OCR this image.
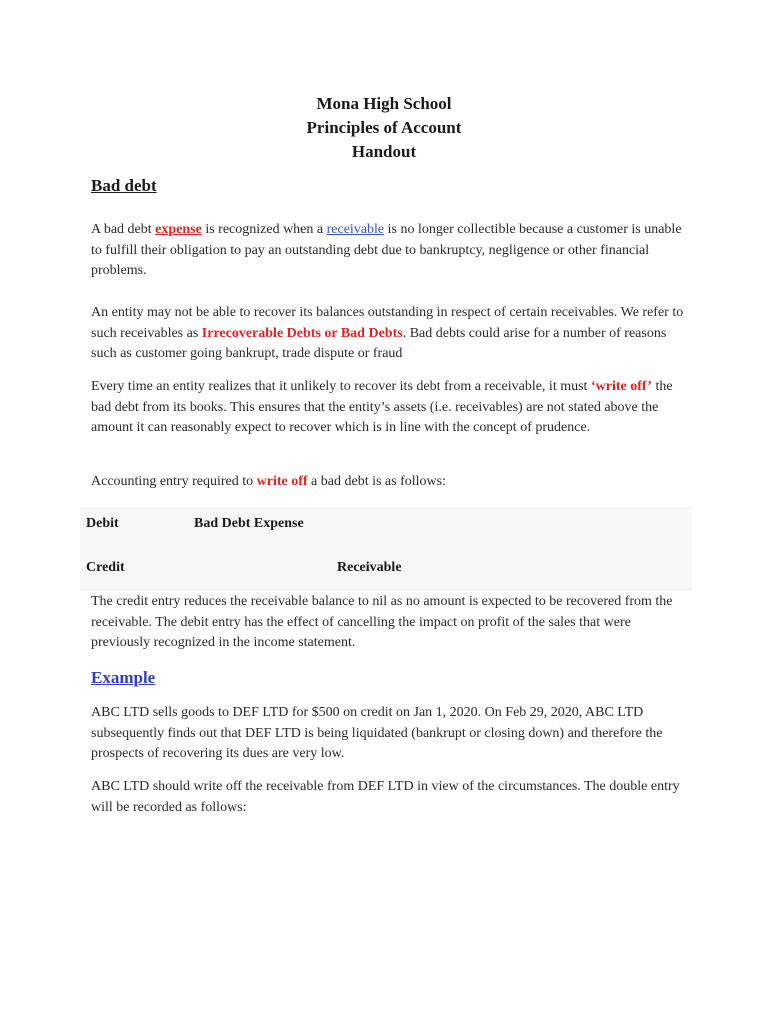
Mona High School
Principles of Account
Handout
Bad debt
A bad debt expense is recognized when a receivable is no longer collectible because a customer is unable to fulfill their obligation to pay an outstanding debt due to bankruptcy, negligence or other financial problems.
An entity may not be able to recover its balances outstanding in respect of certain receivables. We refer to such receivables as Irrecoverable Debts or Bad Debts. Bad debts could arise for a number of reasons such as customer going bankrupt, trade dispute or fraud
Every time an entity realizes that it unlikely to recover its debt from a receivable, it must ‘write off’ the bad debt from its books. This ensures that the entity’s assets (i.e. receivables) are not stated above the amount it can reasonably expect to recover which is in line with the concept of prudence.
Accounting entry required to write off a bad debt is as follows:
Debit	Bad Debt Expense
Credit	Receivable
The credit entry reduces the receivable balance to nil as no amount is expected to be recovered from the receivable. The debit entry has the effect of cancelling the impact on profit of the sales that were previously recognized in the income statement.
Example
ABC LTD sells goods to DEF LTD for $500 on credit on Jan 1, 2020. On Feb 29, 2020, ABC LTD subsequently finds out that DEF LTD is being liquidated (bankrupt or closing down) and therefore the prospects of recovering its dues are very low.
ABC LTD should write off the receivable from DEF LTD in view of the circumstances. The double entry will be recorded as follows:
